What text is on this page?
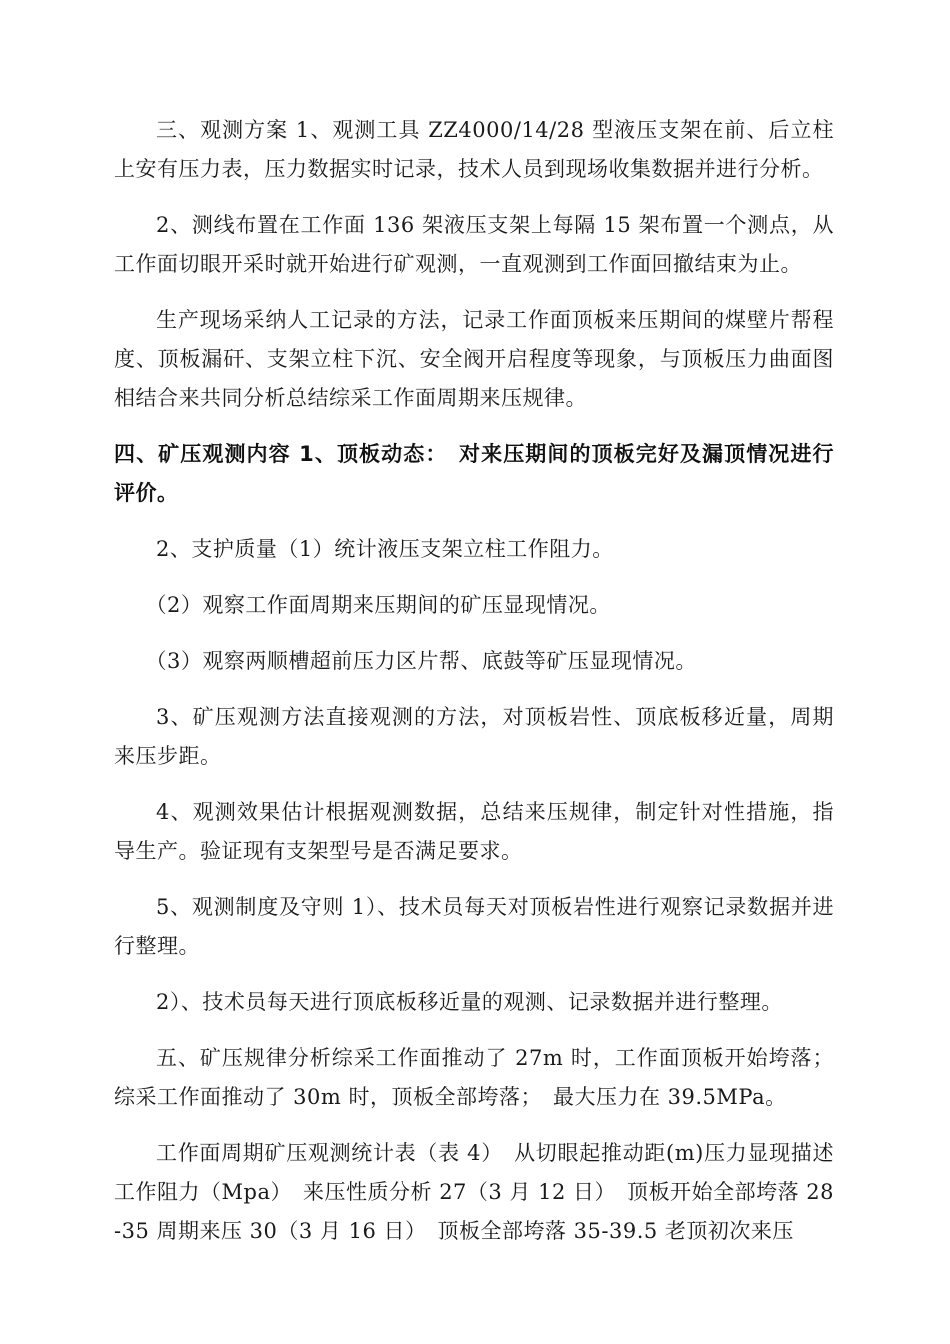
三、观测方案 1、观测工具 ZZ4000/14/28 型液压支架在前、后立柱上安有压力表，压力数据实时记录，技术人员到现场收集数据并进行分析。

2、测线布置在工作面 136 架液压支架上每隔 15 架布置一个测点，从工作面切眼开采时就开始进行矿观测，一直观测到工作面回撤结束为止。

生产现场采纳人工记录的方法，记录工作面顶板来压期间的煤壁片帮程度、顶板漏矸、支架立柱下沉、安全阀开启程度等现象，与顶板压力曲面图相结合来共同分析总结综采工作面周期来压规律。

四、矿压观测内容 1、顶板动态：　对来压期间的顶板完好及漏顶情况进行评价。

2、支护质量（1）统计液压支架立柱工作阻力。

（2）观察工作面周期来压期间的矿压显现情况。

（3）观察两顺槽超前压力区片帮、底鼓等矿压显现情况。

3、矿压观测方法直接观测的方法，对顶板岩性、顶底板移近量，周期来压步距。

4、观测效果估计根据观测数据，总结来压规律，制定针对性措施，指导生产。验证现有支架型号是否满足要求。

5、观测制度及守则 1）、技术员每天对顶板岩性进行观察记录数据并进行整理。

2）、技术员每天进行顶底板移近量的观测、记录数据并进行整理。

五、矿压规律分析综采工作面推动了 27m 时，工作面顶板开始垮落；综采工作面推动了 30m 时，顶板全部垮落；　最大压力在 39.5MPa。

工作面周期矿压观测统计表（表 4）　从切眼起推动距(m)压力显现描述工作阻力（Mpa）　来压性质分析 27（3 月 12 日）　顶板开始全部垮落 28-35 周期来压 30（3 月 16 日）　顶板全部垮落 35-39.5 老顶初次来压
